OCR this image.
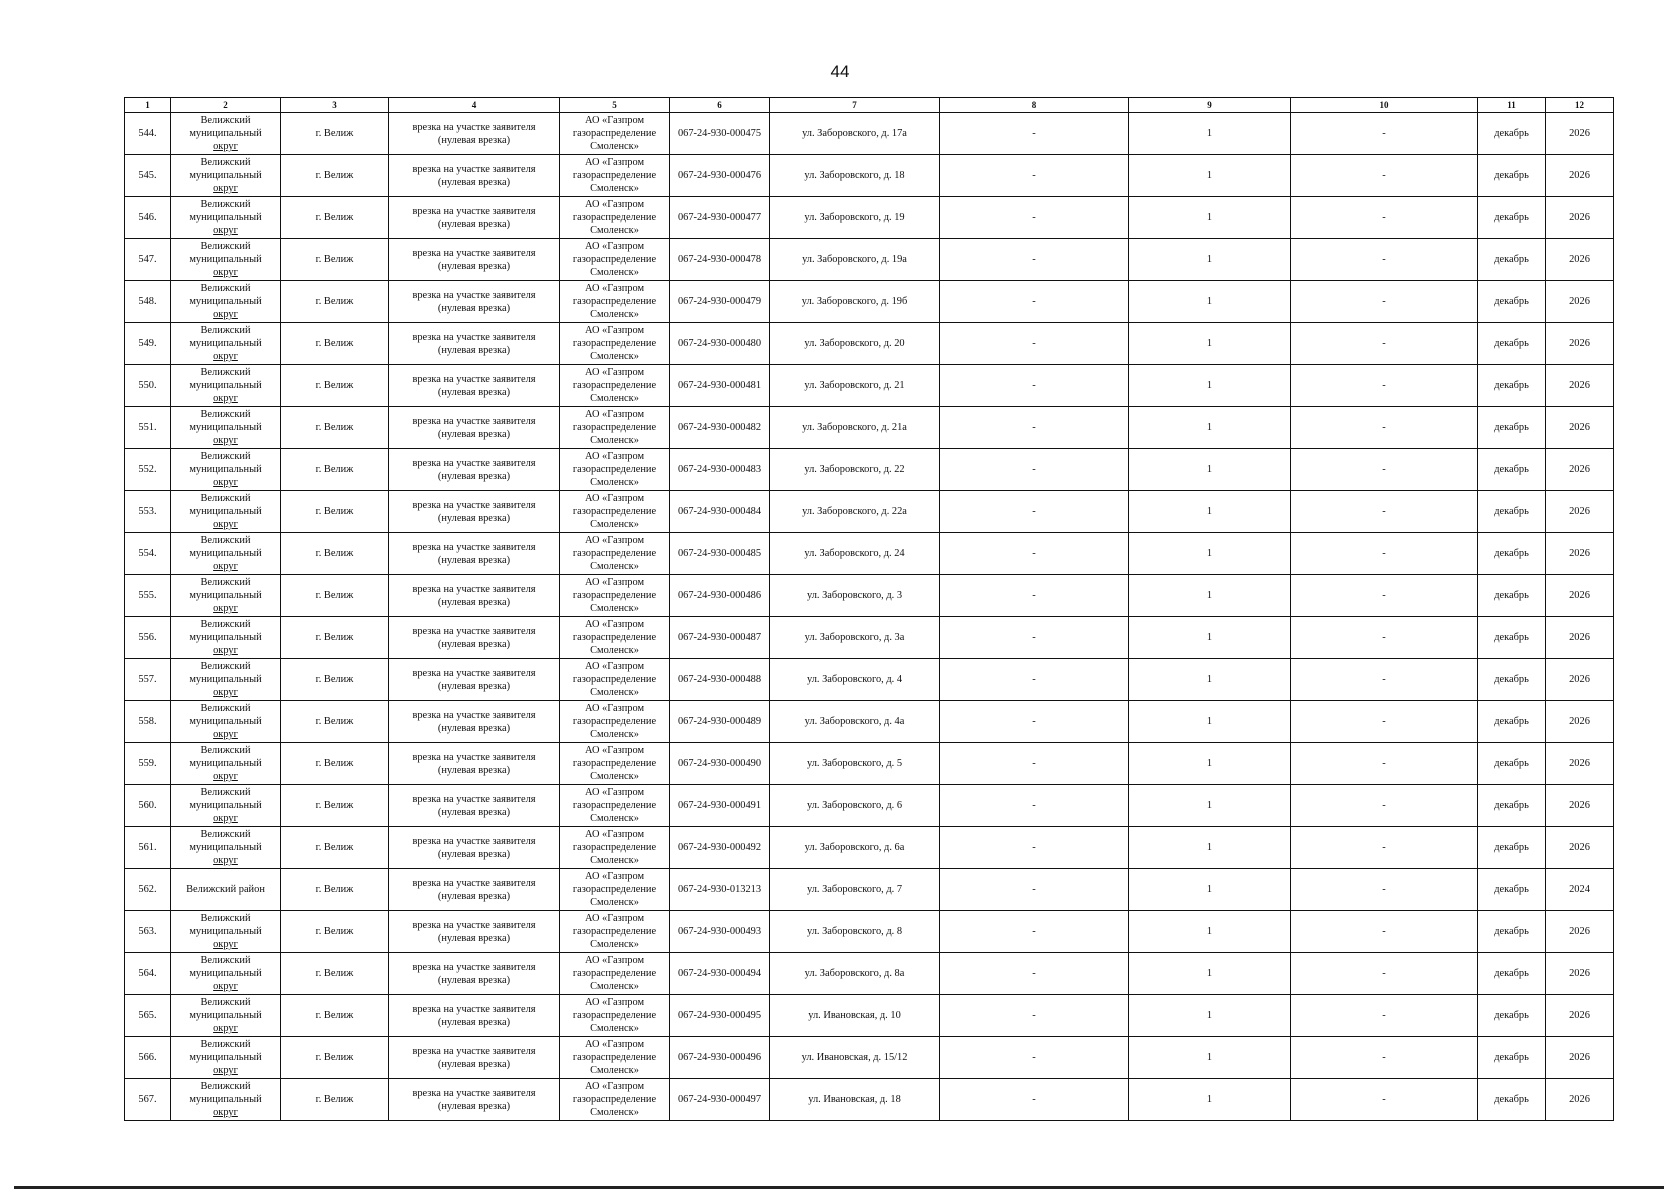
44
1	2	3	4	5	6	7	8	9	10	11	12
544.	Велижский
муниципальный
округ	г. Велиж	врезка на участке заявителя
(нулевая врезка)	АО «Газпром
газораспределение
Смоленск»	067-24-930-000475	ул. Заборовского, д. 17а	-	1	-	декабрь	2026
545.	Велижский
муниципальный
округ	г. Велиж	врезка на участке заявителя
(нулевая врезка)	АО «Газпром
газораспределение
Смоленск»	067-24-930-000476	ул. Заборовского, д. 18	-	1	-	декабрь	2026
546.	Велижский
муниципальный
округ	г. Велиж	врезка на участке заявителя
(нулевая врезка)	АО «Газпром
газораспределение
Смоленск»	067-24-930-000477	ул. Заборовского, д. 19	-	1	-	декабрь	2026
547.	Велижский
муниципальный
округ	г. Велиж	врезка на участке заявителя
(нулевая врезка)	АО «Газпром
газораспределение
Смоленск»	067-24-930-000478	ул. Заборовского, д. 19а	-	1	-	декабрь	2026
548.	Велижский
муниципальный
округ	г. Велиж	врезка на участке заявителя
(нулевая врезка)	АО «Газпром
газораспределение
Смоленск»	067-24-930-000479	ул. Заборовского, д. 19б	-	1	-	декабрь	2026
549.	Велижский
муниципальный
округ	г. Велиж	врезка на участке заявителя
(нулевая врезка)	АО «Газпром
газораспределение
Смоленск»	067-24-930-000480	ул. Заборовского, д. 20	-	1	-	декабрь	2026
550.	Велижский
муниципальный
округ	г. Велиж	врезка на участке заявителя
(нулевая врезка)	АО «Газпром
газораспределение
Смоленск»	067-24-930-000481	ул. Заборовского, д. 21	-	1	-	декабрь	2026
551.	Велижский
муниципальный
округ	г. Велиж	врезка на участке заявителя
(нулевая врезка)	АО «Газпром
газораспределение
Смоленск»	067-24-930-000482	ул. Заборовского, д. 21а	-	1	-	декабрь	2026
552.	Велижский
муниципальный
округ	г. Велиж	врезка на участке заявителя
(нулевая врезка)	АО «Газпром
газораспределение
Смоленск»	067-24-930-000483	ул. Заборовского, д. 22	-	1	-	декабрь	2026
553.	Велижский
муниципальный
округ	г. Велиж	врезка на участке заявителя
(нулевая врезка)	АО «Газпром
газораспределение
Смоленск»	067-24-930-000484	ул. Заборовского, д. 22а	-	1	-	декабрь	2026
554.	Велижский
муниципальный
округ	г. Велиж	врезка на участке заявителя
(нулевая врезка)	АО «Газпром
газораспределение
Смоленск»	067-24-930-000485	ул. Заборовского, д. 24	-	1	-	декабрь	2026
555.	Велижский
муниципальный
округ	г. Велиж	врезка на участке заявителя
(нулевая врезка)	АО «Газпром
газораспределение
Смоленск»	067-24-930-000486	ул. Заборовского, д. 3	-	1	-	декабрь	2026
556.	Велижский
муниципальный
округ	г. Велиж	врезка на участке заявителя
(нулевая врезка)	АО «Газпром
газораспределение
Смоленск»	067-24-930-000487	ул. Заборовского, д. 3а	-	1	-	декабрь	2026
557.	Велижский
муниципальный
округ	г. Велиж	врезка на участке заявителя
(нулевая врезка)	АО «Газпром
газораспределение
Смоленск»	067-24-930-000488	ул. Заборовского, д. 4	-	1	-	декабрь	2026
558.	Велижский
муниципальный
округ	г. Велиж	врезка на участке заявителя
(нулевая врезка)	АО «Газпром
газораспределение
Смоленск»	067-24-930-000489	ул. Заборовского, д. 4а	-	1	-	декабрь	2026
559.	Велижский
муниципальный
округ	г. Велиж	врезка на участке заявителя
(нулевая врезка)	АО «Газпром
газораспределение
Смоленск»	067-24-930-000490	ул. Заборовского, д. 5	-	1	-	декабрь	2026
560.	Велижский
муниципальный
округ	г. Велиж	врезка на участке заявителя
(нулевая врезка)	АО «Газпром
газораспределение
Смоленск»	067-24-930-000491	ул. Заборовского, д. 6	-	1	-	декабрь	2026
561.	Велижский
муниципальный
округ	г. Велиж	врезка на участке заявителя
(нулевая врезка)	АО «Газпром
газораспределение
Смоленск»	067-24-930-000492	ул. Заборовского, д. 6а	-	1	-	декабрь	2026
562.	Велижский район	г. Велиж	врезка на участке заявителя
(нулевая врезка)	АО «Газпром
газораспределение
Смоленск»	067-24-930-013213	ул. Заборовского, д. 7	-	1	-	декабрь	2024
563.	Велижский
муниципальный
округ	г. Велиж	врезка на участке заявителя
(нулевая врезка)	АО «Газпром
газораспределение
Смоленск»	067-24-930-000493	ул. Заборовского, д. 8	-	1	-	декабрь	2026
564.	Велижский
муниципальный
округ	г. Велиж	врезка на участке заявителя
(нулевая врезка)	АО «Газпром
газораспределение
Смоленск»	067-24-930-000494	ул. Заборовского, д. 8а	-	1	-	декабрь	2026
565.	Велижский
муниципальный
округ	г. Велиж	врезка на участке заявителя
(нулевая врезка)	АО «Газпром
газораспределение
Смоленск»	067-24-930-000495	ул. Ивановская, д. 10	-	1	-	декабрь	2026
566.	Велижский
муниципальный
округ	г. Велиж	врезка на участке заявителя
(нулевая врезка)	АО «Газпром
газораспределение
Смоленск»	067-24-930-000496	ул. Ивановская, д. 15/12	-	1	-	декабрь	2026
567.	Велижский
муниципальный
округ	г. Велиж	врезка на участке заявителя
(нулевая врезка)	АО «Газпром
газораспределение
Смоленск»	067-24-930-000497	ул. Ивановская, д. 18	-	1	-	декабрь	2026
